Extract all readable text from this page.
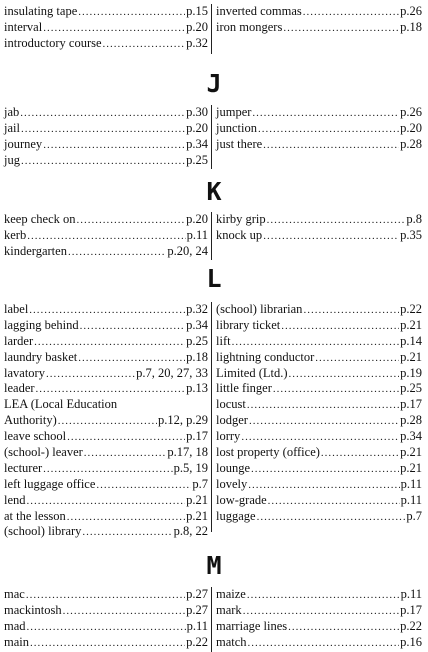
insulating tape .....	p.15
interval .....	p.20
introductory course .....	p.32
inverted commas .....	p.26
iron mongers .....	p.18
J
jab .....	p.30
jail .....	p.20
journey .....	p.34
jug .....	p.25
jumper .....	p.26
junction .....	p.20
just there .....	p.28
K
keep check on .....	p.20
kerb .....	p.11
kindergarten .....	p.20, 24
kirby grip .....	p.8
knock up .....	p.35
L
label .....	p.32
lagging behind .....	p.34
larder .....	p.25
laundry basket .....	p.18
lavatory .....	p.7, 20, 27, 33
leader .....	p.13
LEA (Local Education
Authority) .....	p.12, p.29
leave school .....	p.17
(school-) leaver .....	p.17, 18
lecturer .....	p.5, 19
left luggage office .....	p.7
lend .....	p.21
at the lesson .....	p.21
(school) library .....	p.8, 22
(school) librarian .....	p.22
library ticket .....	p.21
lift .....	p.14
lightning conductor .....	p.21
Limited (Ltd.) .....	p.19
little finger .....	p.25
locust .....	p.17
lodger .....	p.28
lorry .....	p.34
lost property (office) .....	p.21
lounge .....	p.21
lovely .....	p.11
low-grade .....	p.11
luggage .....	p.7
M
mac .....	p.27
mackintosh .....	p.27
mad .....	p.11
main .....	p.22
maize .....	p.11
mark .....	p.17
marriage lines .....	p.22
match .....	p.16
